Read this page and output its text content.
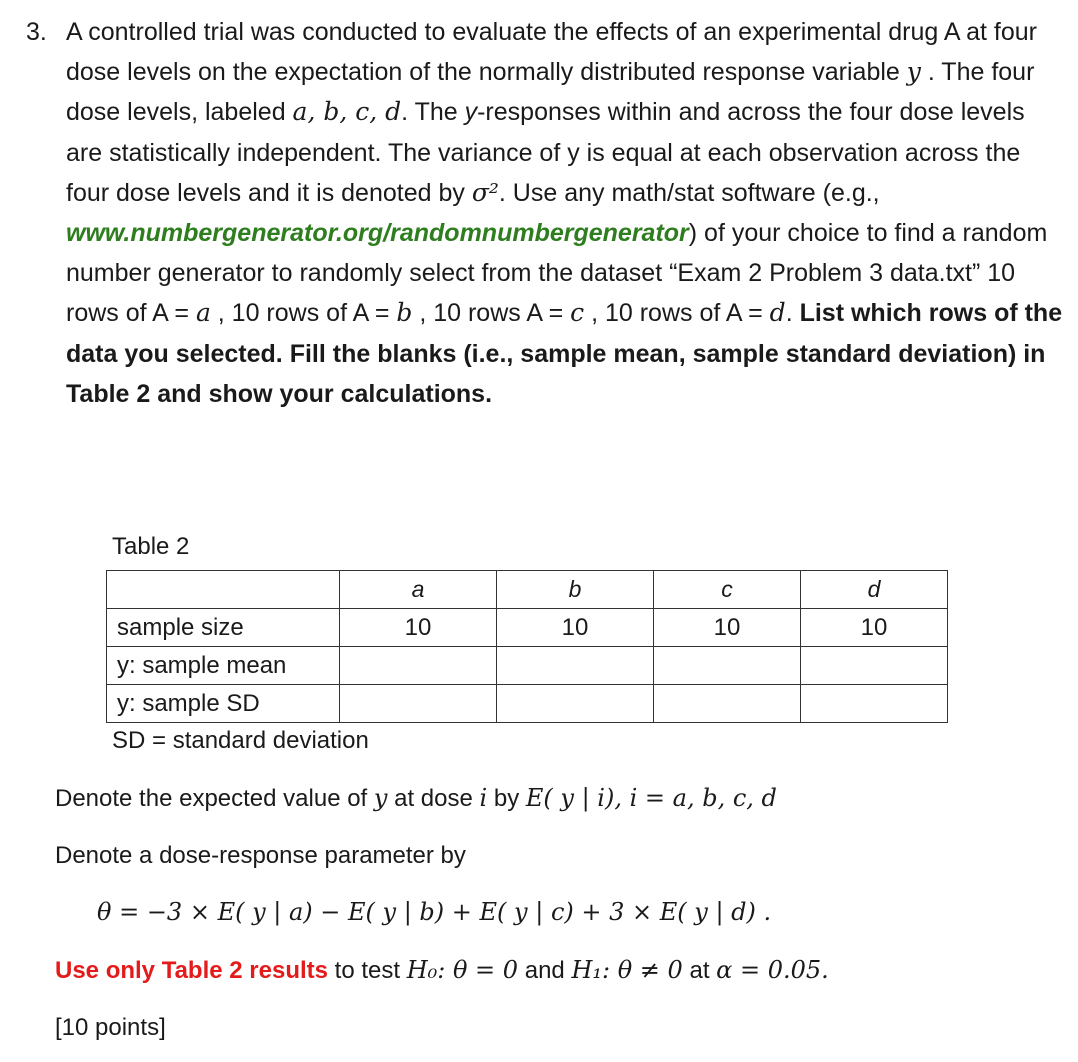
3. A controlled trial was conducted to evaluate the effects of an experimental drug A at four dose levels on the expectation of the normally distributed response variable y . The four dose levels, labeled a, b, c, d. The y-responses within and across the four dose levels are statistically independent. The variance of y is equal at each observation across the four dose levels and it is denoted by σ². Use any math/stat software (e.g., www.numbergenerator.org/randomnumbergenerator) of your choice to find a random number generator to randomly select from the dataset “Exam 2 Problem 3 data.txt” 10 rows of A = a , 10 rows of A = b , 10 rows A = c , 10 rows of A = d. List which rows of the data you selected. Fill the blanks (i.e., sample mean, sample standard deviation) in Table 2 and show your calculations.
Table 2
	a	b	c	d
sample size	10	10	10	10
y: sample mean				
y: sample SD				
SD = standard deviation
Denote the expected value of y at dose i by E( y | i), i = a, b, c, d
Denote a dose-response parameter by
θ = −3 × E( y | a) − E( y | b) + E( y | c) + 3 × E( y | d) .
Use only Table 2 results to test H₀: θ = 0 and H₁: θ ≠ 0 at α = 0.05.
[10 points]
